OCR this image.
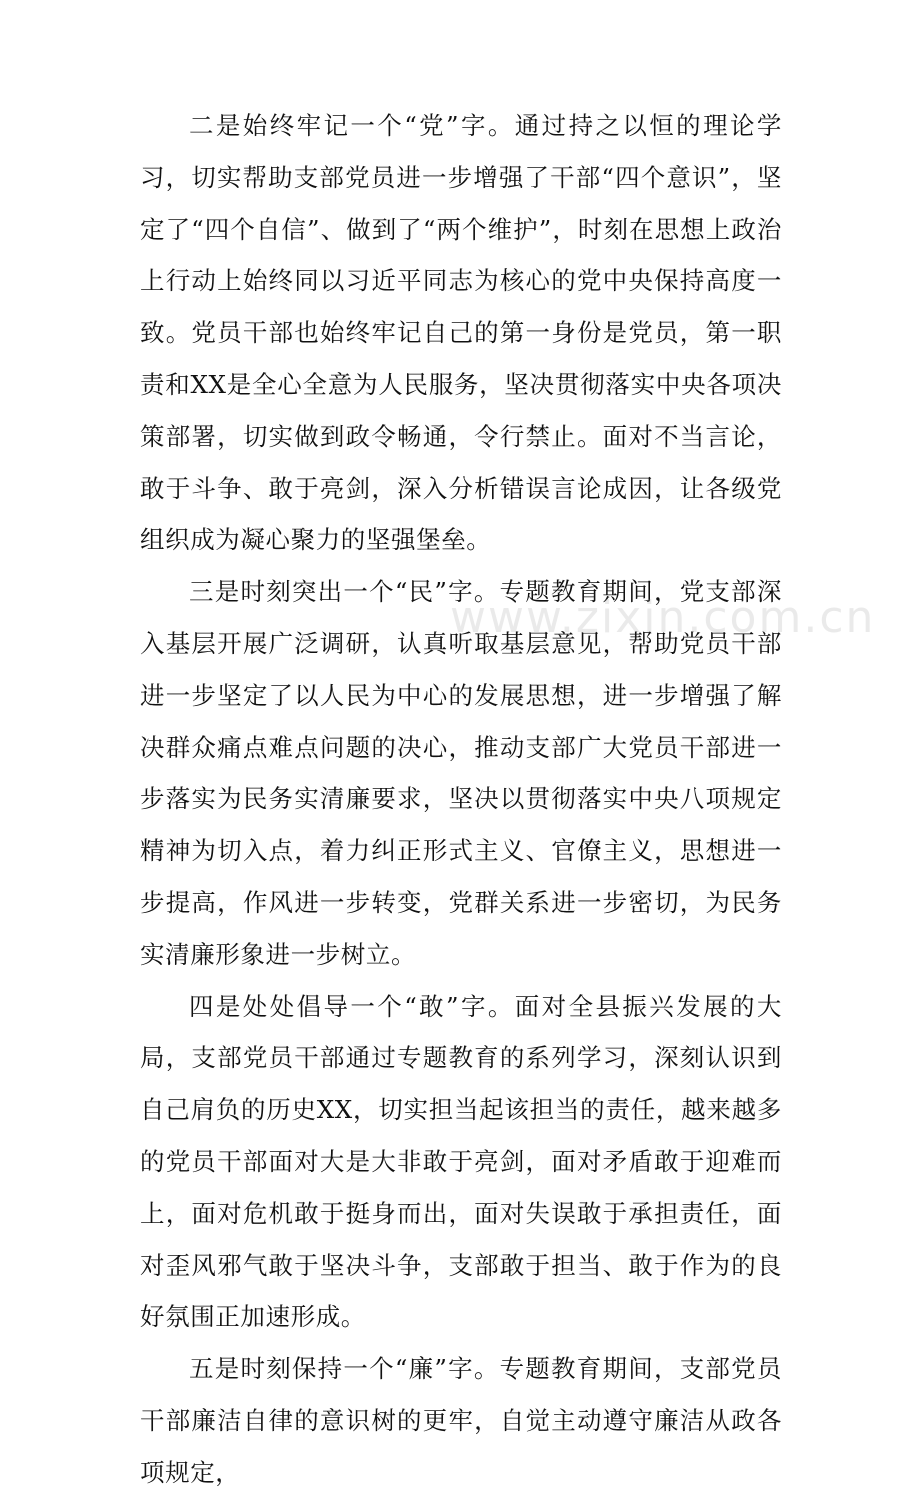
二是始终牢记一个“党”字。通过持之以恒的理论学习，切实帮助支部党员进一步增强了干部“四个意识”，坚定了“四个自信”、做到了“两个维护”，时刻在思想上政治上行动上始终同以习近平同志为核心的党中央保持高度一致。党员干部也始终牢记自己的第一身份是党员，第一职责和XX是全心全意为人民服务，坚决贯彻落实中央各项决策部署，切实做到政令畅通，令行禁止。面对不当言论，敢于斗争、敢于亮剑，深入分析错误言论成因，让各级党组织成为凝心聚力的坚强堡垒。

三是时刻突出一个“民”字。专题教育期间，党支部深入基层开展广泛调研，认真听取基层意见，帮助党员干部进一步坚定了以人民为中心的发展思想，进一步增强了解决群众痛点难点问题的决心，推动支部广大党员干部进一步落实为民务实清廉要求，坚决以贯彻落实中央八项规定精神为切入点，着力纠正形式主义、官僚主义，思想进一步提高，作风进一步转变，党群关系进一步密切，为民务实清廉形象进一步树立。

四是处处倡导一个“敢”字。面对全县振兴发展的大局，支部党员干部通过专题教育的系列学习，深刻认识到自己肩负的历史XX，切实担当起该担当的责任，越来越多的党员干部面对大是大非敢于亮剑，面对矛盾敢于迎难而上，面对危机敢于挺身而出，面对失误敢于承担责任，面对歪风邪气敢于坚决斗争，支部敢于担当、敢于作为的良好氛围正加速形成。

五是时刻保持一个“廉”字。专题教育期间，支部党员干部廉洁自律的意识树的更牢，自觉主动遵守廉洁从政各项规定，

www.zixin.com.cn
